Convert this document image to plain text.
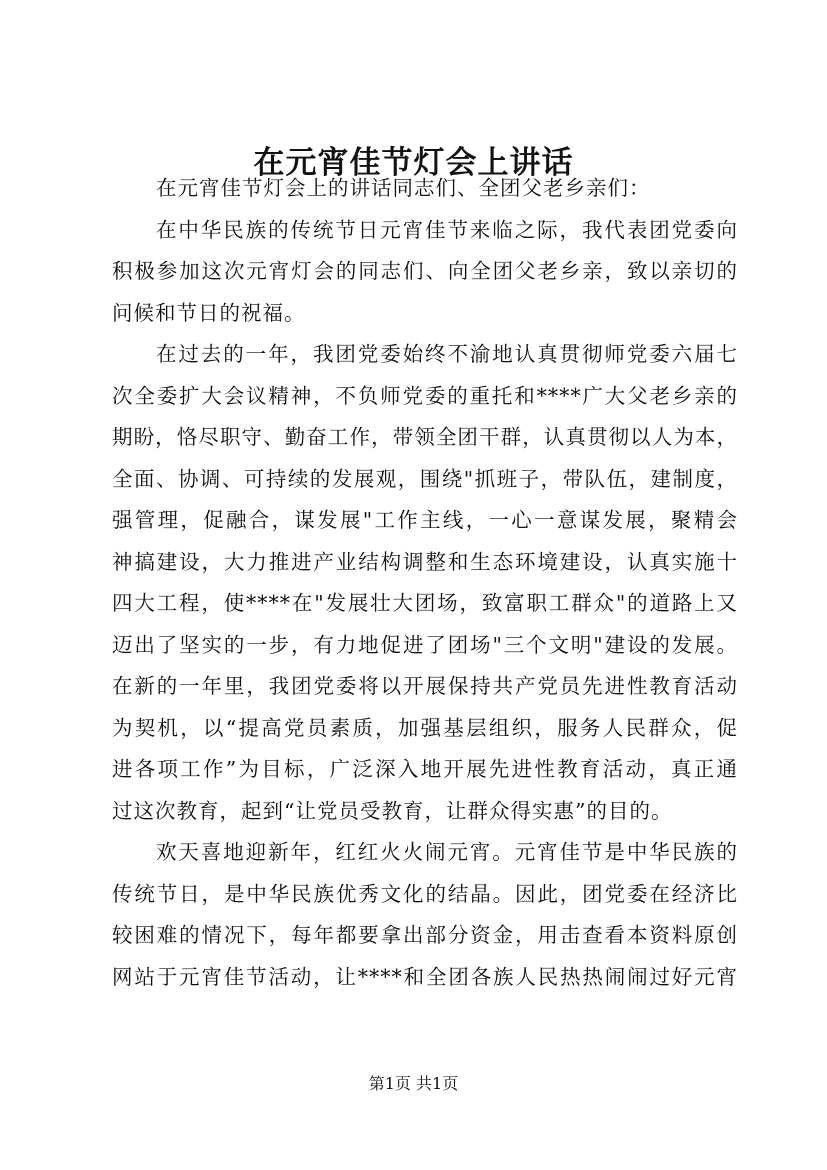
在元宵佳节灯会上讲话
在元宵佳节灯会上的讲话同志们、全团父老乡亲们：
在中华民族的传统节日元宵佳节来临之际，我代表团党委向
积极参加这次元宵灯会的同志们、向全团父老乡亲，致以亲切的
问候和节日的祝福。
在过去的一年，我团党委始终不渝地认真贯彻师党委六届七
次全委扩大会议精神，不负师党委的重托和****广大父老乡亲的
期盼，恪尽职守、勤奋工作，带领全团干群，认真贯彻以人为本，
全面、协调、可持续的发展观，围绕"抓班子，带队伍，建制度，
强管理，促融合，谋发展"工作主线，一心一意谋发展，聚精会
神搞建设，大力推进产业结构调整和生态环境建设，认真实施十
四大工程，使****在"发展壮大团场，致富职工群众"的道路上又
迈出了坚实的一步，有力地促进了团场"三个文明"建设的发展。
在新的一年里，我团党委将以开展保持共产党员先进性教育活动
为契机，以“提高党员素质，加强基层组织，服务人民群众，促
进各项工作”为目标，广泛深入地开展先进性教育活动，真正通
过这次教育，起到“让党员受教育，让群众得实惠”的目的。
欢天喜地迎新年，红红火火闹元宵。元宵佳节是中华民族的
传统节日，是中华民族优秀文化的结晶。因此，团党委在经济比
较困难的情况下，每年都要拿出部分资金，用击查看本资料原创
网站于元宵佳节活动，让****和全团各族人民热热闹闹过好元宵
第1页 共1页
